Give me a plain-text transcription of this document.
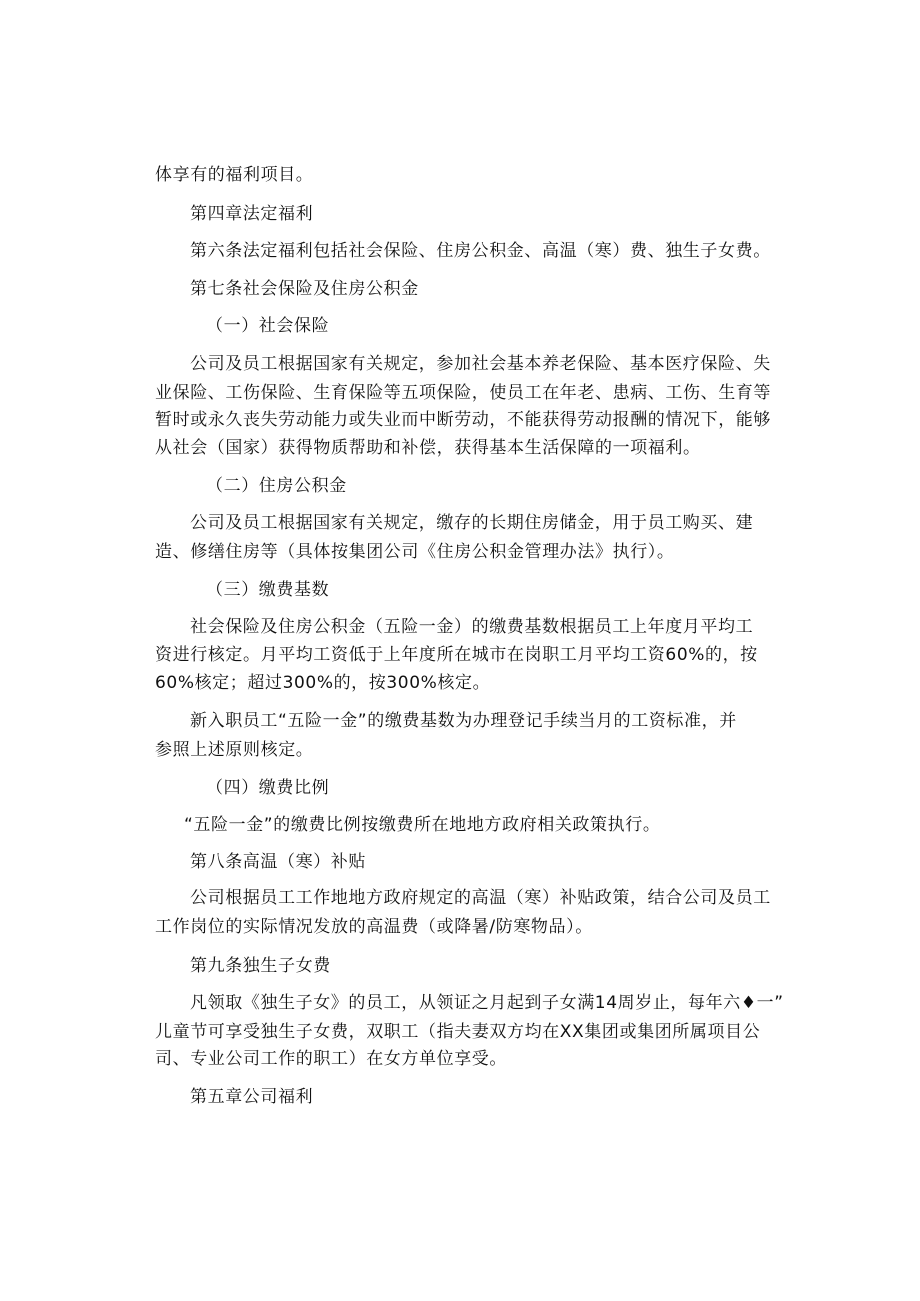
体享有的福利项目。

第四章法定福利

第六条法定福利包括社会保险、住房公积金、高温（寒）费、独生子女费。

第七条社会保险及住房公积金

（一）社会保险

公司及员工根据国家有关规定，参加社会基本养老保险、基本医疗保险、失

业保险、工伤保险、生育保险等五项保险，使员工在年老、患病、工伤、生育等

暂时或永久丧失劳动能力或失业而中断劳动，不能获得劳动报酬的情况下，能够

从社会（国家）获得物质帮助和补偿，获得基本生活保障的一项福利。

（二）住房公积金

公司及员工根据国家有关规定，缴存的长期住房储金，用于员工购买、建

造、修缮住房等（具体按集团公司《住房公积金管理办法》执行）。

（三）缴费基数

社会保险及住房公积金（五险一金）的缴费基数根据员工上年度月平均工

资进行核定。月平均工资低于上年度所在城市在岗职工月平均工资60%的，按

60%核定；超过300%的，按300%核定。

新入职员工“五险一金”的缴费基数为办理登记手续当月的工资标准，并

参照上述原则核定。

（四）缴费比例

“五险一金”的缴费比例按缴费所在地地方政府相关政策执行。

第八条高温（寒）补贴

公司根据员工工作地地方政府规定的高温（寒）补贴政策，结合公司及员工

工作岗位的实际情况发放的高温费（或降暑/防寒物品）。

第九条独生子女费

凡领取《独生子女》的员工，从领证之月起到子女满14周岁止，每年六♦一”

儿童节可享受独生子女费，双职工（指夫妻双方均在XX集团或集团所属项目公

司、专业公司工作的职工）在女方单位享受。

第五章公司福利
